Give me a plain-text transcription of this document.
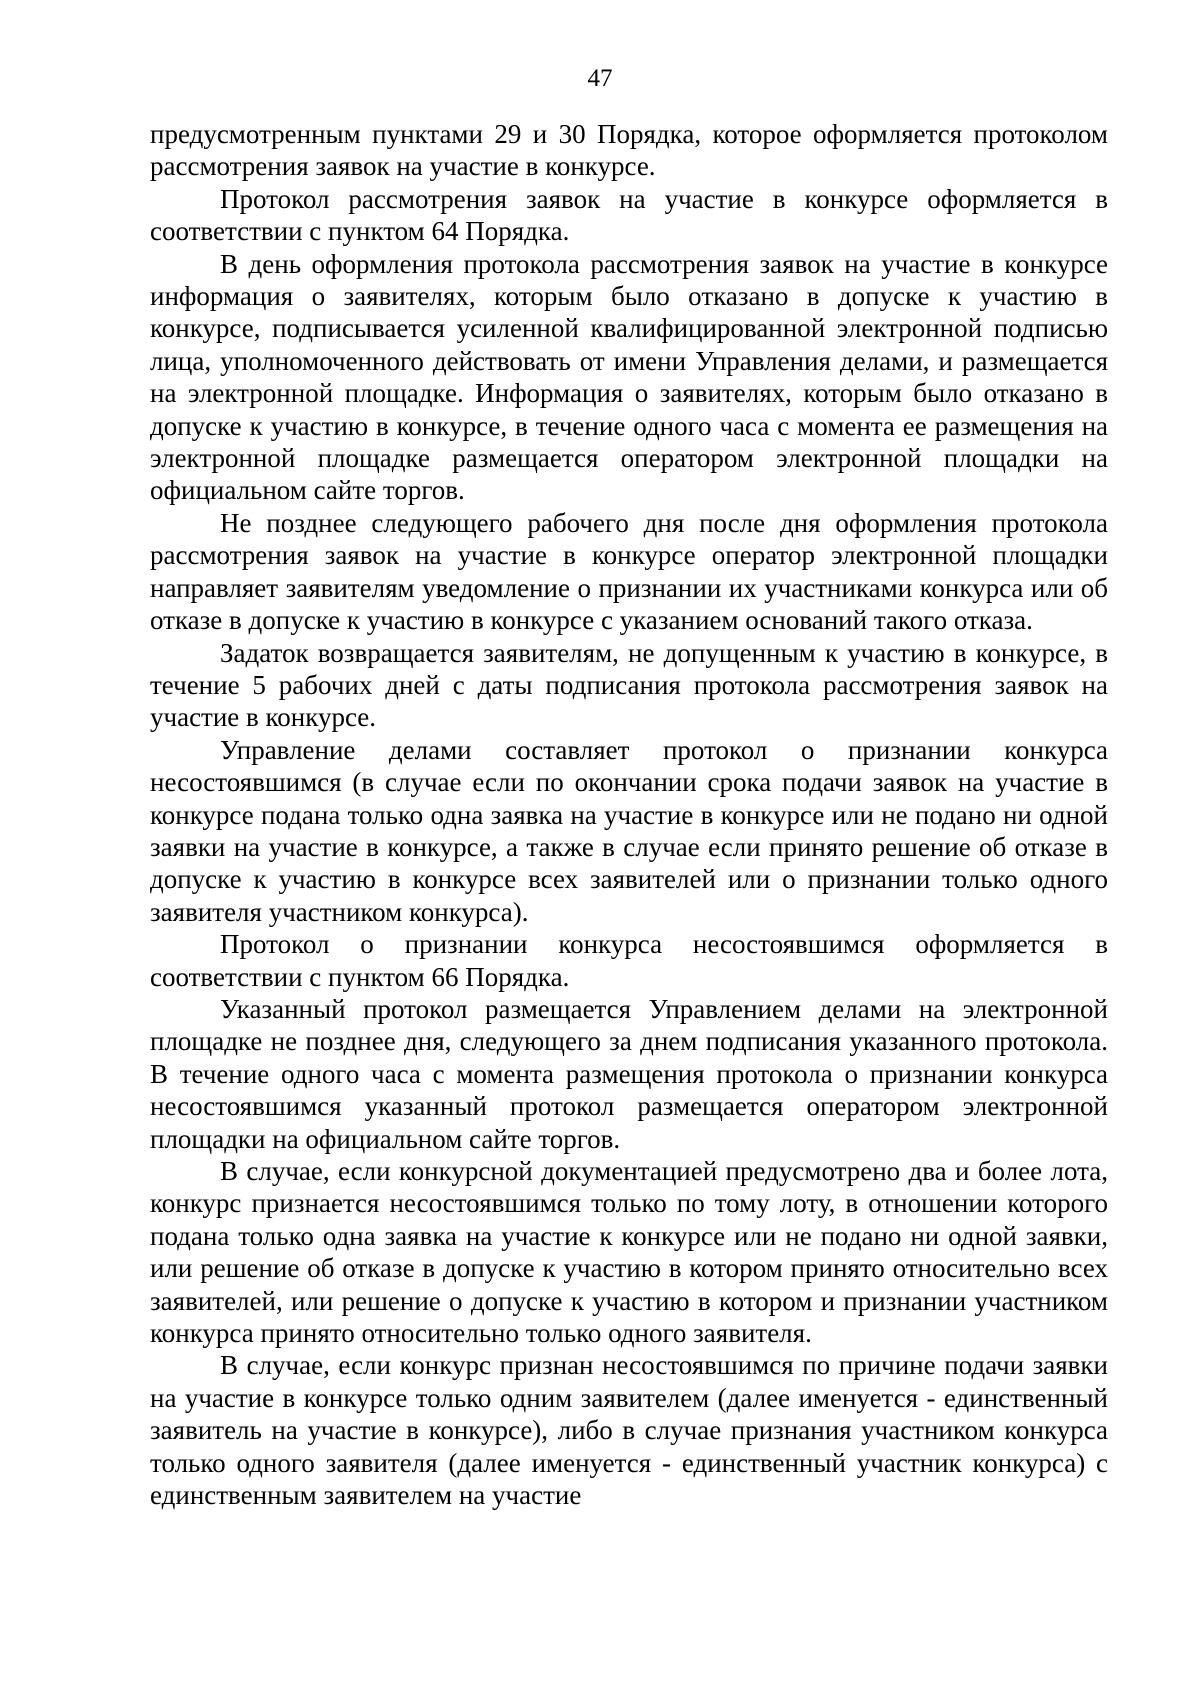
47

предусмотренным пунктами 29 и 30 Порядка, которое оформляется протоколом рассмотрения заявок на участие в конкурсе.

Протокол рассмотрения заявок на участие в конкурсе оформляется в соответствии с пунктом 64 Порядка.

В день оформления протокола рассмотрения заявок на участие в конкурсе информация о заявителях, которым было отказано в допуске к участию в конкурсе, подписывается усиленной квалифицированной электронной подписью лица, уполномоченного действовать от имени Управления делами, и размещается на электронной площадке. Информация о заявителях, которым было отказано в допуске к участию в конкурсе, в течение одного часа с момента ее размещения на электронной площадке размещается оператором электронной площадки на официальном сайте торгов.

Не позднее следующего рабочего дня после дня оформления протокола рассмотрения заявок на участие в конкурсе оператор электронной площадки направляет заявителям уведомление о признании их участниками конкурса или об отказе в допуске к участию в конкурсе с указанием оснований такого отказа.

Задаток возвращается заявителям, не допущенным к участию в конкурсе, в течение 5 рабочих дней с даты подписания протокола рассмотрения заявок на участие в конкурсе.

Управление делами составляет протокол о признании конкурса несостоявшимся (в случае если по окончании срока подачи заявок на участие в конкурсе подана только одна заявка на участие в конкурсе или не подано ни одной заявки на участие в конкурсе, а также в случае если принято решение об отказе в допуске к участию в конкурсе всех заявителей или о признании только одного заявителя участником конкурса).

Протокол о признании конкурса несостоявшимся оформляется в соответствии с пунктом 66 Порядка.

Указанный протокол размещается Управлением делами на электронной площадке не позднее дня, следующего за днем подписания указанного протокола. В течение одного часа с момента размещения протокола о признании конкурса несостоявшимся указанный протокол размещается оператором электронной площадки на официальном сайте торгов.

В случае, если конкурсной документацией предусмотрено два и более лота, конкурс признается несостоявшимся только по тому лоту, в отношении которого подана только одна заявка на участие к конкурсе или не подано ни одной заявки, или решение об отказе в допуске к участию в котором принято относительно всех заявителей, или решение о допуске к участию в котором и признании участником конкурса принято относительно только одного заявителя.

В случае, если конкурс признан несостоявшимся по причине подачи заявки на участие в конкурсе только одним заявителем (далее именуется - единственный заявитель на участие в конкурсе), либо в случае признания участником конкурса только одного заявителя (далее именуется - единственный участник конкурса) с единственным заявителем на участие
